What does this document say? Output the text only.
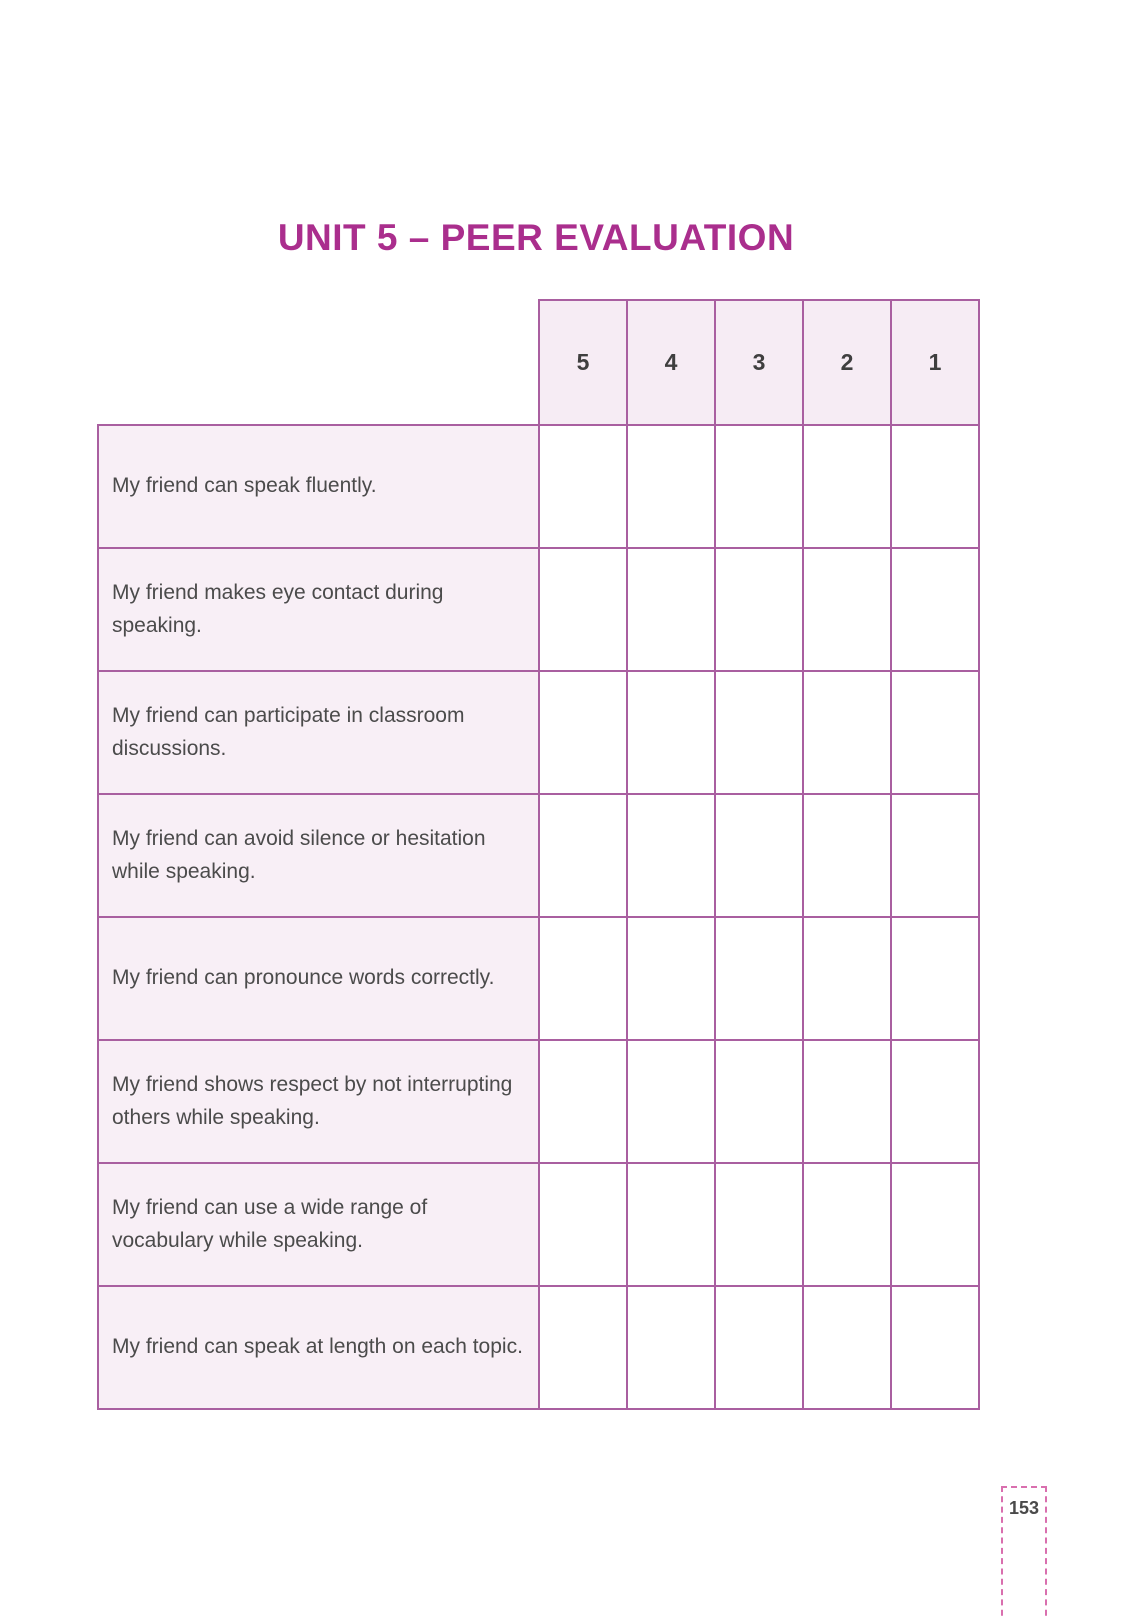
UNIT 5 – PEER EVALUATION
	5	4	3	2	1
My friend can speak fluently.					
My friend makes eye contact during speaking.					
My friend can participate in classroom discussions.					
My friend can avoid silence or hesitation while speaking.					
My friend can pronounce words correctly.					
My friend shows respect by not interrupting others while speaking.					
My friend can use a wide range of vocabulary while speaking.					
My friend can speak at length on each topic.					
153
